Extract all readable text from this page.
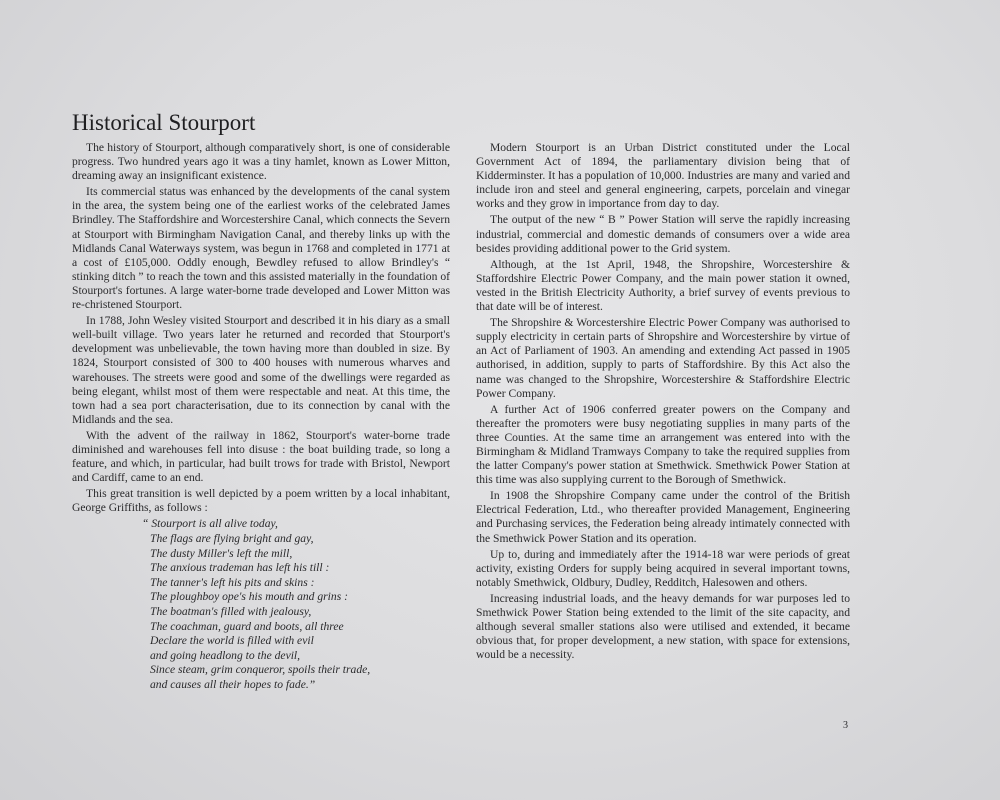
Historical Stourport

The history of Stourport, although comparatively short, is one of considerable progress. Two hundred years ago it was a tiny hamlet, known as Lower Mitton, dreaming away an insignificant existence.

Its commercial status was enhanced by the developments of the canal system in the area, the system being one of the earliest works of the celebrated James Brindley. The Staffordshire and Worcestershire Canal, which connects the Severn at Stourport with Birmingham Navigation Canal, and thereby links up with the Midlands Canal Waterways system, was begun in 1768 and completed in 1771 at a cost of £105,000. Oddly enough, Bewdley refused to allow Brindley's “ stinking ditch ” to reach the town and this assisted materially in the foundation of Stourport's fortunes. A large water-borne trade developed and Lower Mitton was re-christened Stourport.

In 1788, John Wesley visited Stourport and described it in his diary as a small well-built village. Two years later he returned and recorded that Stourport's development was unbelievable, the town having more than doubled in size. By 1824, Stourport consisted of 300 to 400 houses with numerous wharves and warehouses. The streets were good and some of the dwellings were regarded as being elegant, whilst most of them were respectable and neat. At this time, the town had a sea port characterisation, due to its connection by canal with the Midlands and the sea.

With the advent of the railway in 1862, Stourport's water-borne trade diminished and warehouses fell into disuse : the boat building trade, so long a feature, and which, in particular, had built trows for trade with Bristol, Newport and Cardiff, came to an end.

This great transition is well depicted by a poem written by a local inhabitant, George Griffiths, as follows :

“ Stourport is all alive today,
The flags are flying bright and gay,
The dusty Miller's left the mill,
The anxious trademan has left his till :
The tanner's left his pits and skins :
The ploughboy ope's his mouth and grins :
The boatman's filled with jealousy,
The coachman, guard and boots, all three
Declare the world is filled with evil
and going headlong to the devil,
Since steam, grim conqueror, spoils their trade,
and causes all their hopes to fade.”

Modern Stourport is an Urban District constituted under the Local Government Act of 1894, the parliamentary division being that of Kidderminster. It has a population of 10,000. Industries are many and varied and include iron and steel and general engineering, carpets, porcelain and vinegar works and they grow in importance from day to day.

The output of the new “ B ” Power Station will serve the rapidly increasing industrial, commercial and domestic demands of consumers over a wide area besides providing additional power to the Grid system.

Although, at the 1st April, 1948, the Shropshire, Worcestershire & Staffordshire Electric Power Company, and the main power station it owned, vested in the British Electricity Authority, a brief survey of events previous to that date will be of interest.

The Shropshire & Worcestershire Electric Power Company was authorised to supply electricity in certain parts of Shropshire and Worcestershire by virtue of an Act of Parliament of 1903. An amending and extending Act passed in 1905 authorised, in addition, supply to parts of Staffordshire. By this Act also the name was changed to the Shropshire, Worcestershire & Staffordshire Electric Power Company.

A further Act of 1906 conferred greater powers on the Company and thereafter the promoters were busy negotiating supplies in many parts of the three Counties. At the same time an arrangement was entered into with the Birmingham & Midland Tramways Company to take the required supplies from the latter Company's power station at Smethwick. Smethwick Power Station at this time was also supplying current to the Borough of Smethwick.

In 1908 the Shropshire Company came under the control of the British Electrical Federation, Ltd., who thereafter provided Management, Engineering and Purchasing services, the Federation being already intimately connected with the Smethwick Power Station and its operation.

Up to, during and immediately after the 1914-18 war were periods of great activity, existing Orders for supply being acquired in several important towns, notably Smethwick, Oldbury, Dudley, Redditch, Halesowen and others.

Increasing industrial loads, and the heavy demands for war purposes led to Smethwick Power Station being extended to the limit of the site capacity, and although several smaller stations also were utilised and extended, it became obvious that, for proper development, a new station, with space for extensions, would be a necessity.

3
